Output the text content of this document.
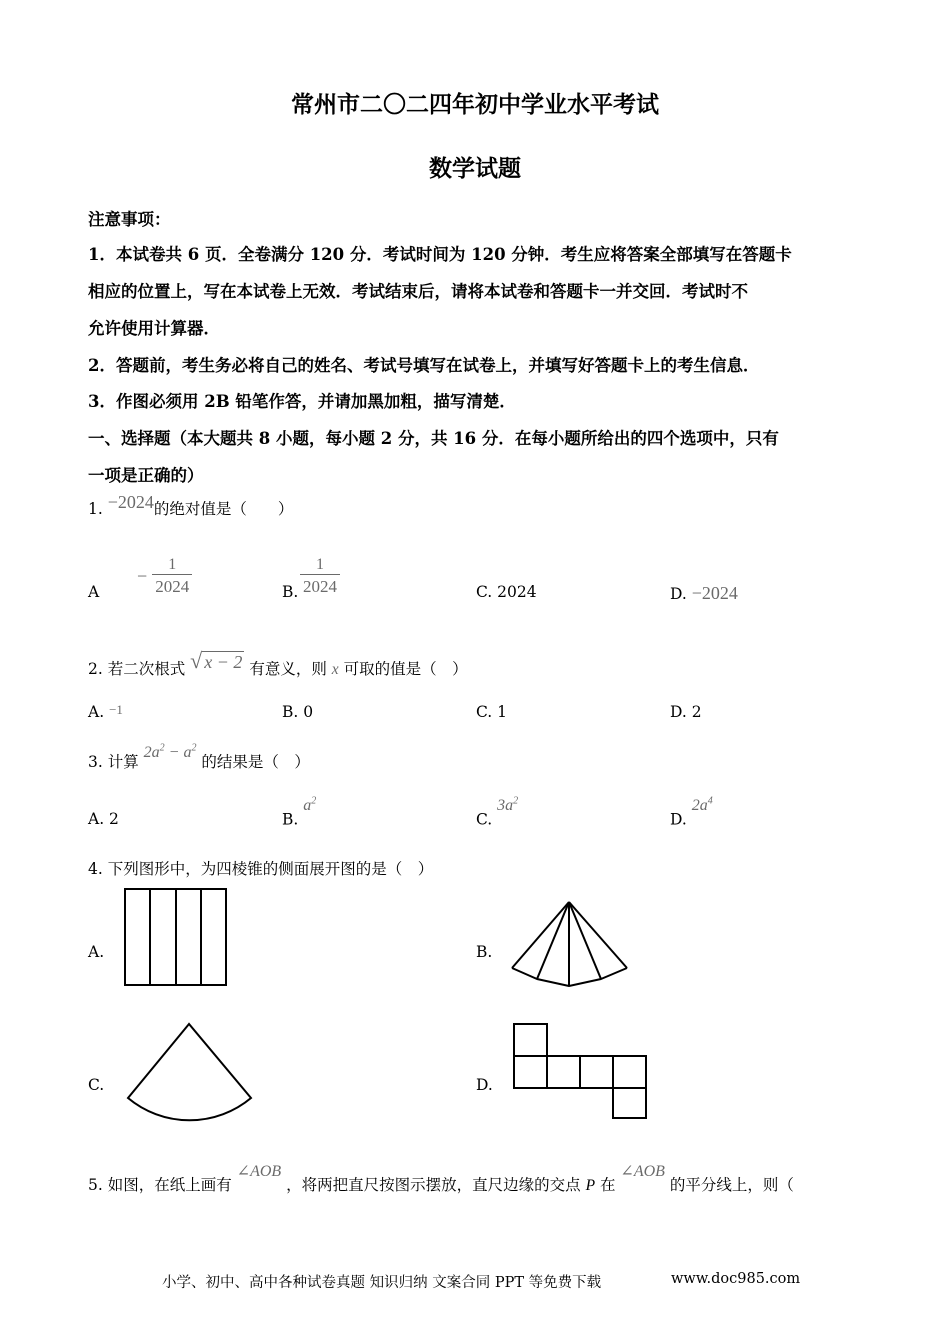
常州市二〇二四年初中学业水平考试
数学试题
注意事项：
1．本试卷共 6 页．全卷满分 120 分．考试时间为 120 分钟．考生应将答案全部填写在答题卡
相应的位置上，写在本试卷上无效．考试结束后，请将本试卷和答题卡一并交回．考试时不
允许使用计算器．
2．答题前，考生务必将自己的姓名、考试号填写在试卷上，并填写好答题卡上的考生信息．
3．作图必须用 2B 铅笔作答，并请加黑加粗，描写清楚．
一、选择题（本大题共 8 小题，每小题 2 分，共 16 分．在每小题所给出的四个选项中，只有
一项是正确的）
1. −2024的绝对值是（　　）
A
− $\frac{1}{2024}$	B. $\frac{1}{2024}$	C. 2024	D. −2024
2. 若二次根式 √ x − 2 有意义，则 x 可取的值是（　）
A. −1	B. 0	C. 1	D. 2
3. 计算 $2a^2 - a^2$ 的结果是（　）
A. 2	B. $a^2$
C. $3a^2$
D. $2a^4$
4. 下列图形中，为四棱锥的侧面展开图的是（　）
A.	B.
C.	D.
5. 如图，在纸上画有 ∠AOB ，将两把直尺按图示摆放，直尺边缘的交点 P 在 ∠AOB 的平分线上，则（
小学、初中、高中各种试卷真题 知识归纳 文案合同 PPT 等免费下载	www.doc985.com
